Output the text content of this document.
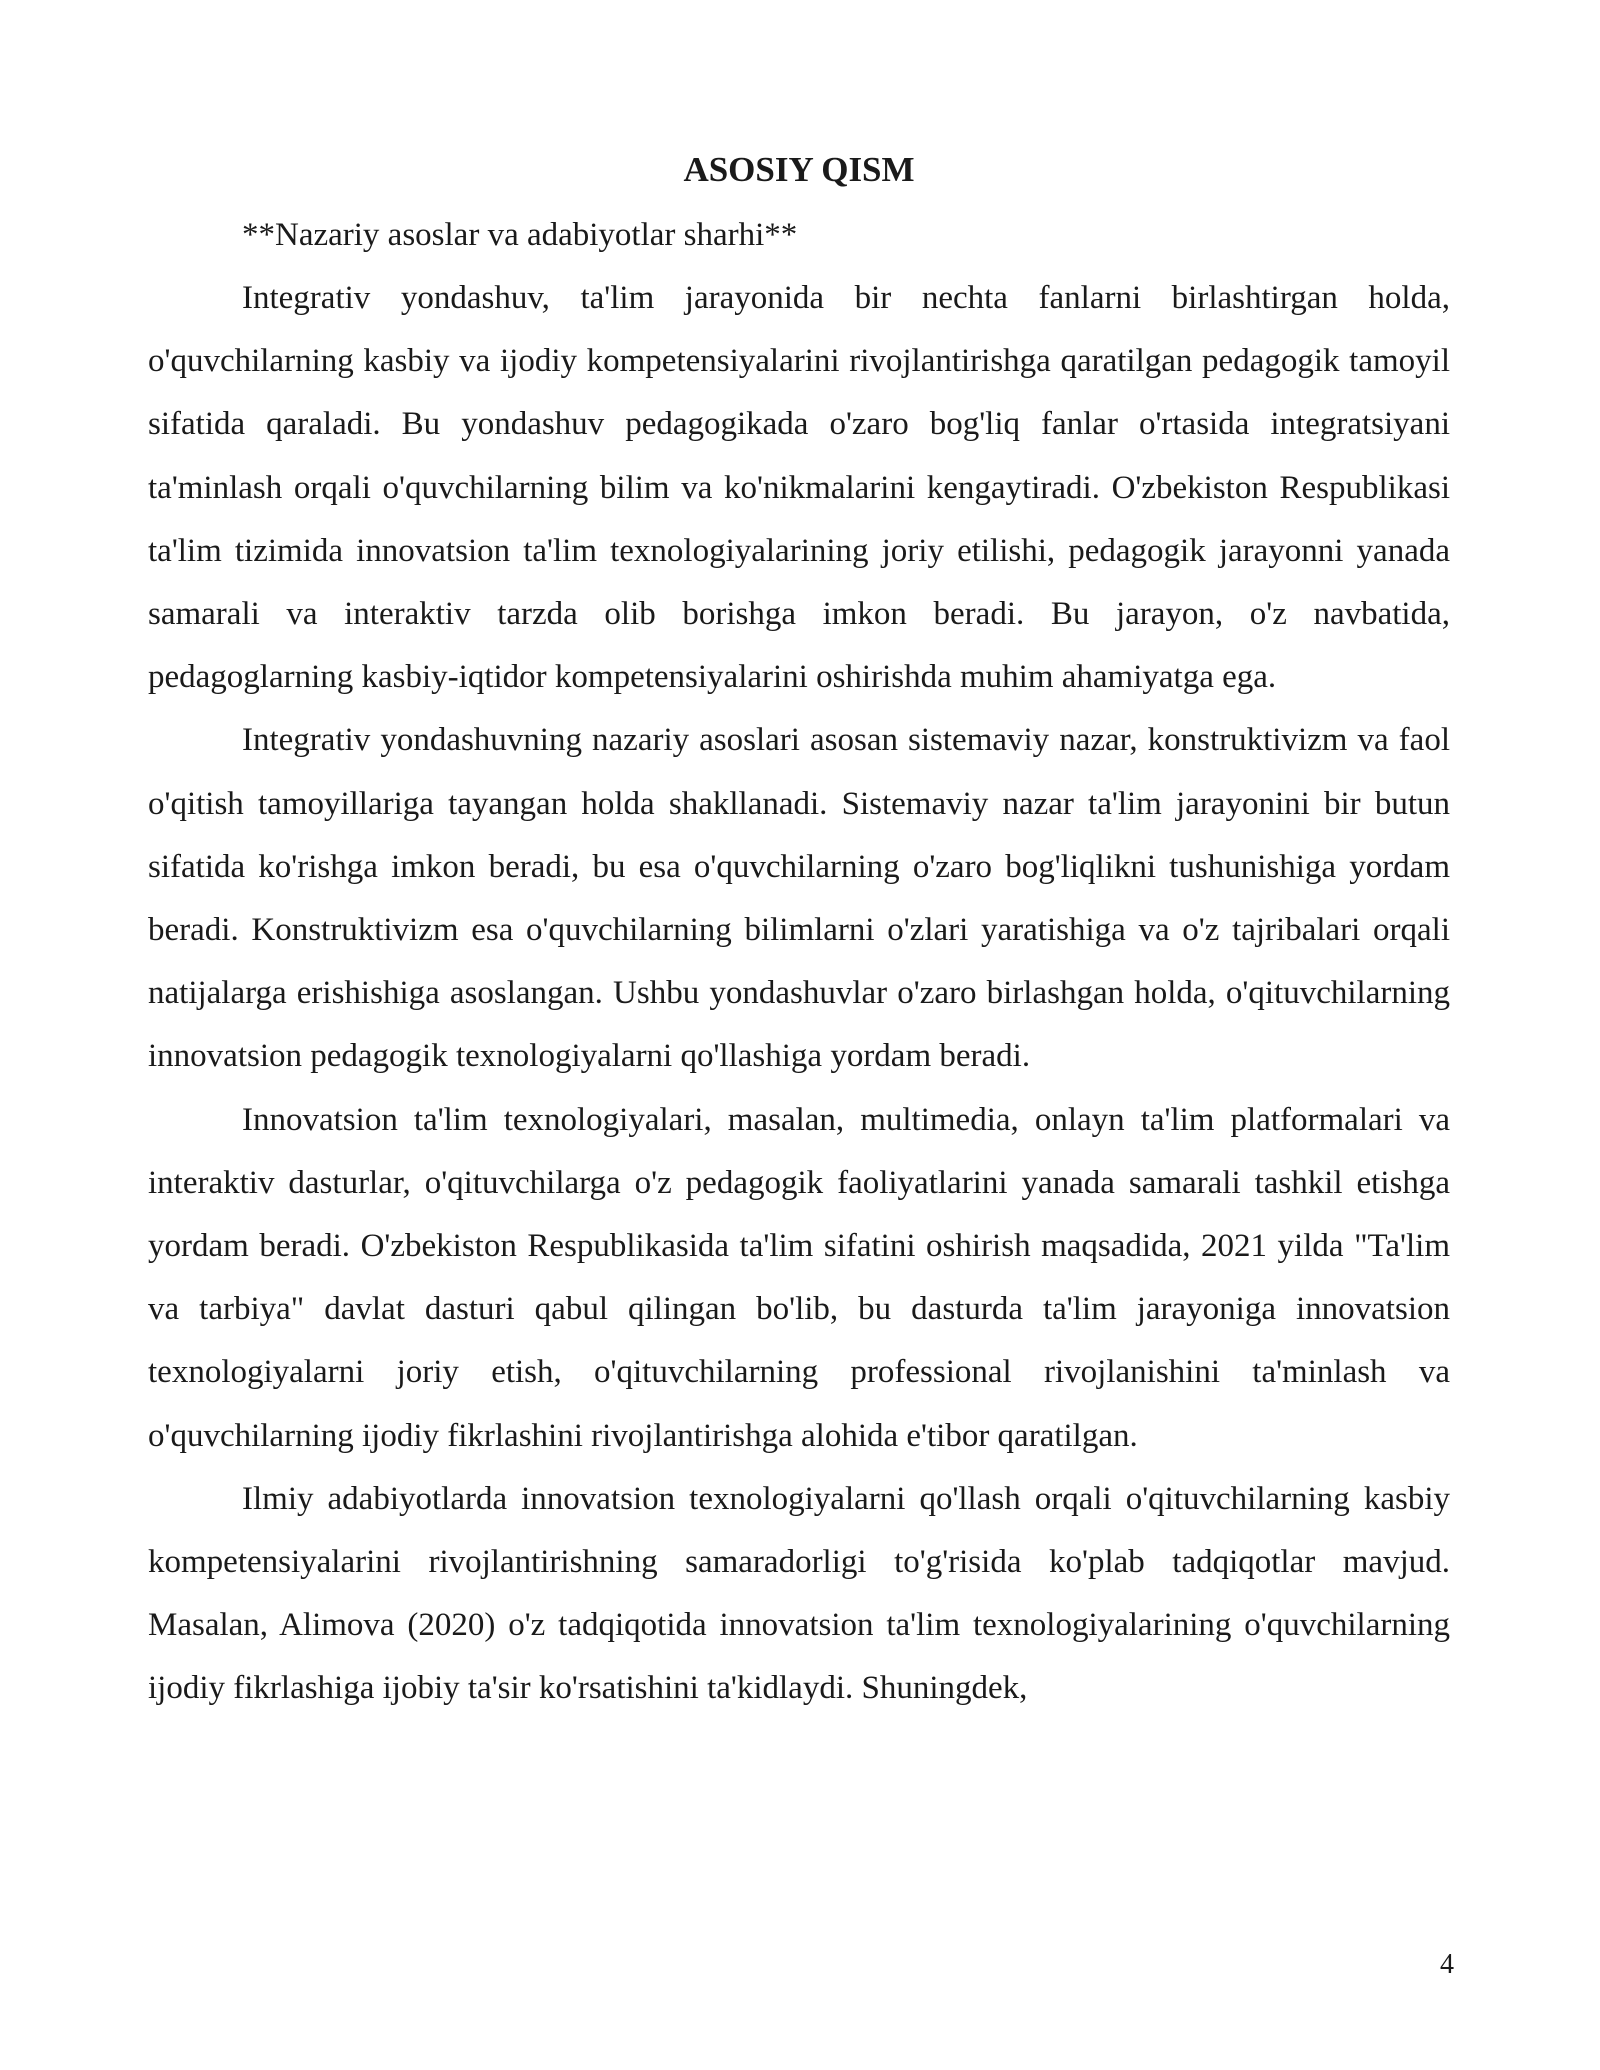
ASOSIY QISM

**Nazariy asoslar va adabiyotlar sharhi**

Integrativ yondashuv, ta'lim jarayonida bir nechta fanlarni birlashtirgan holda, o'quvchilarning kasbiy va ijodiy kompetensiyalarini rivojlantirishga qaratilgan pedagogik tamoyil sifatida qaraladi. Bu yondashuv pedagogikada o'zaro bog'liq fanlar o'rtasida integratsiyani ta'minlash orqali o'quvchilarning bilim va ko'nikmalarini kengaytiradi. O'zbekiston Respublikasi ta'lim tizimida innovatsion ta'lim texnologiyalarining joriy etilishi, pedagogik jarayonni yanada samarali va interaktiv tarzda olib borishga imkon beradi. Bu jarayon, o'z navbatida, pedagoglarning kasbiy-iqtidor kompetensiyalarini oshirishda muhim ahamiyatga ega.

Integrativ yondashuvning nazariy asoslari asosan sistemaviy nazar, konstruktivizm va faol o'qitish tamoyillariga tayangan holda shakllanadi. Sistemaviy nazar ta'lim jarayonini bir butun sifatida ko'rishga imkon beradi, bu esa o'quvchilarning o'zaro bog'liqlikni tushunishiga yordam beradi. Konstruktivizm esa o'quvchilarning bilimlarni o'zlari yaratishiga va o'z tajribalari orqali natijalarga erishishiga asoslangan. Ushbu yondashuvlar o'zaro birlashgan holda, o'qituvchilarning innovatsion pedagogik texnologiyalarni qo'llashiga yordam beradi.

Innovatsion ta'lim texnologiyalari, masalan, multimedia, onlayn ta'lim platformalari va interaktiv dasturlar, o'qituvchilarga o'z pedagogik faoliyatlarini yanada samarali tashkil etishga yordam beradi. O'zbekiston Respublikasida ta'lim sifatini oshirish maqsadida, 2021 yilda "Ta'lim va tarbiya" davlat dasturi qabul qilingan bo'lib, bu dasturda ta'lim jarayoniga innovatsion texnologiyalarni joriy etish, o'qituvchilarning professional rivojlanishini ta'minlash va o'quvchilarning ijodiy fikrlashini rivojlantirishga alohida e'tibor qaratilgan.

Ilmiy adabiyotlarda innovatsion texnologiyalarni qo'llash orqali o'qituvchilarning kasbiy kompetensiyalarini rivojlantirishning samaradorligi to'g'risida ko'plab tadqiqotlar mavjud. Masalan, Alimova (2020) o'z tadqiqotida innovatsion ta'lim texnologiyalarining o'quvchilarning ijodiy fikrlashiga ijobiy ta'sir ko'rsatishini ta'kidlaydi. Shuningdek,

4
